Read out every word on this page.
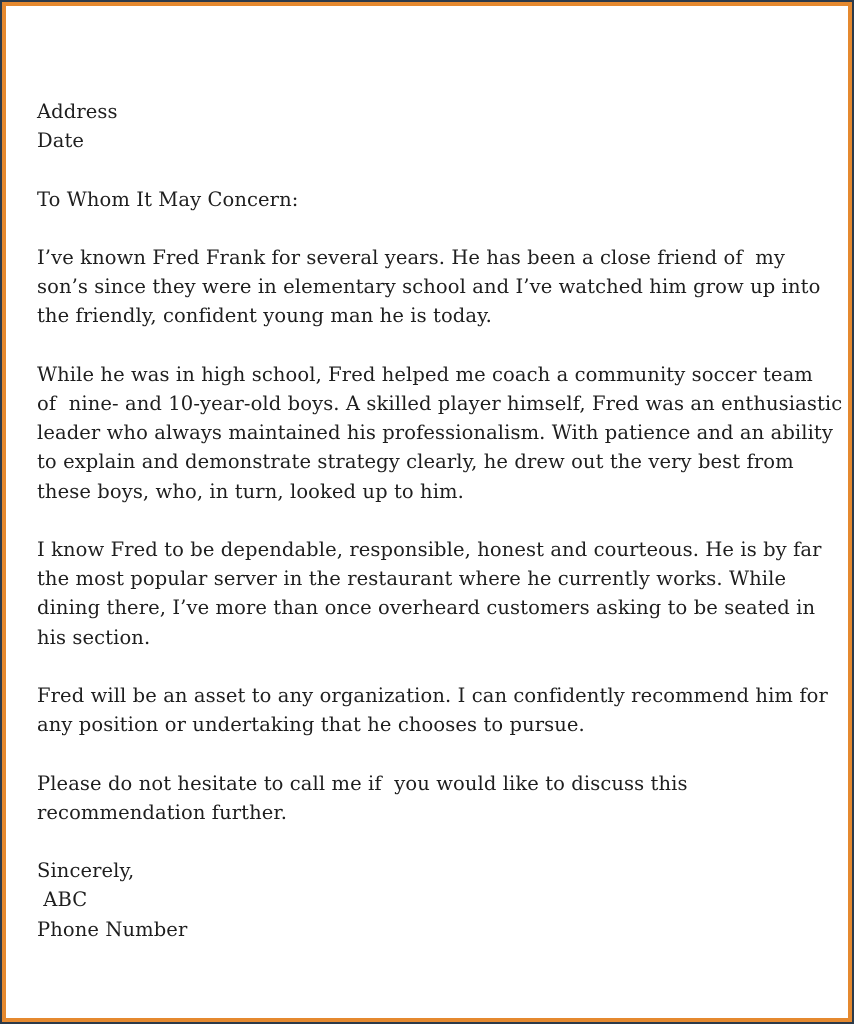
Address
Date
To Whom It May Concern:
I’ve known Fred Frank for several years. He has been a close friend of  my
son’s since they were in elementary school and I’ve watched him grow up into
the friendly, confident young man he is today.
While he was in high school, Fred helped me coach a community soccer team
of  nine- and 10-year-old boys. A skilled player himself, Fred was an enthusiastic
leader who always maintained his professionalism. With patience and an ability
to explain and demonstrate strategy clearly, he drew out the very best from
these boys, who, in turn, looked up to him.
I know Fred to be dependable, responsible, honest and courteous. He is by far
the most popular server in the restaurant where he currently works. While
dining there, I’ve more than once overheard customers asking to be seated in
his section.
Fred will be an asset to any organization. I can confidently recommend him for
any position or undertaking that he chooses to pursue.
Please do not hesitate to call me if  you would like to discuss this
recommendation further.
Sincerely,
ABC
Phone Number
